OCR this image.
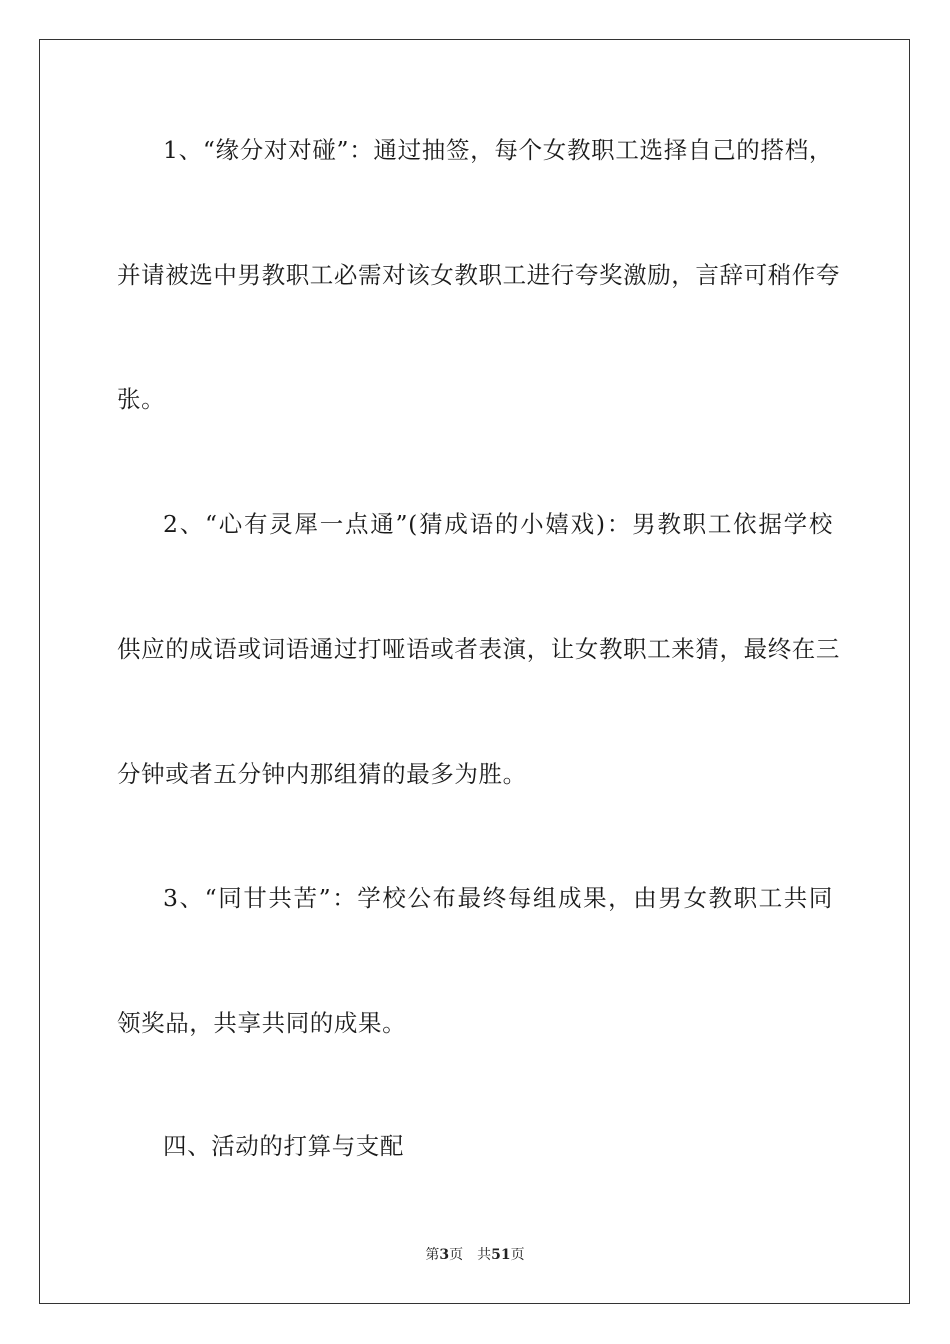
1、“缘分对对碰”：通过抽签，每个女教职工选择自己的搭档，
并请被选中男教职工必需对该女教职工进行夸奖激励，言辞可稍作夸
张。
2、“心有灵犀一点通”(猜成语的小嬉戏)：男教职工依据学校
供应的成语或词语通过打哑语或者表演，让女教职工来猜，最终在三
分钟或者五分钟内那组猜的最多为胜。
3、“同甘共苦”：学校公布最终每组成果，由男女教职工共同
领奖品，共享共同的成果。
四、活动的打算与支配
第3页 共51页
